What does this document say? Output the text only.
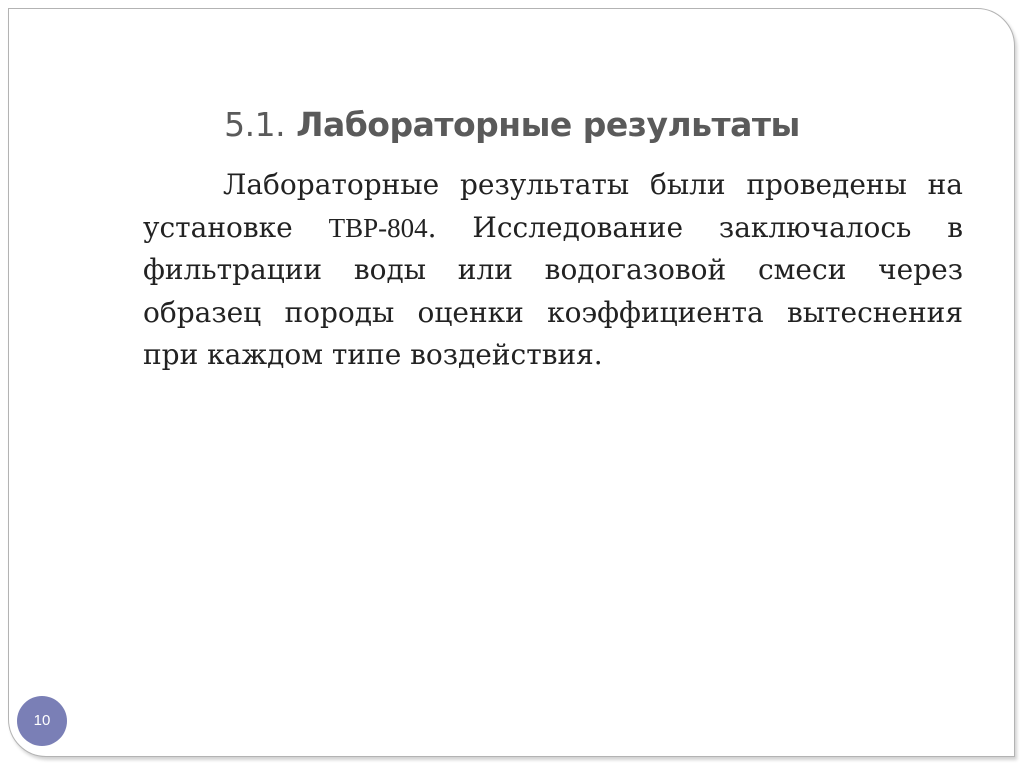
5.1. Лабораторные результаты

Лабораторные результаты были проведены на установке TBP-804. Исследование заключалось в фильтрации воды или водогазовой смеси через образец породы оценки коэффициента вытеснения при каждом типе воздействия.

10
